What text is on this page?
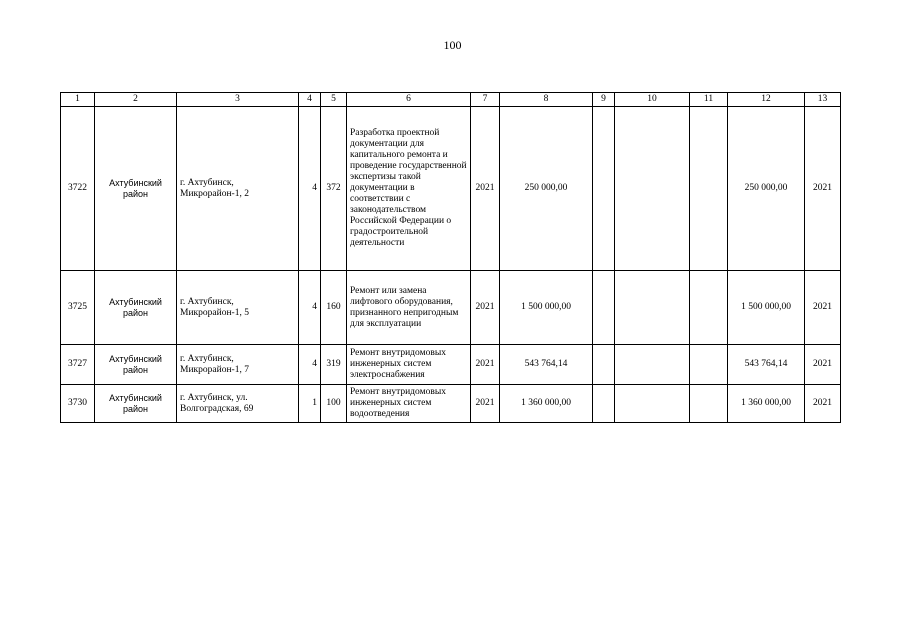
100
1	2	3	4	5	6	7	8	9	10	11	12	13
3722	Ахтубинский район	г. Ахтубинск, Микрорайон-1, 2	4	372	Разработка проектной документации для капитального ремонта и проведение государственной экспертизы такой документации в соответствии с законодательством Российской Федерации о градостроительной деятельности	2021	250 000,00				250 000,00	2021
3725	Ахтубинский район	г. Ахтубинск, Микрорайон-1, 5	4	160	Ремонт или замена лифтового оборудования, признанного непригодным для эксплуатации	2021	1 500 000,00				1 500 000,00	2021
3727	Ахтубинский район	г. Ахтубинск, Микрорайон-1, 7	4	319	Ремонт внутридомовых инженерных систем электроснабжения	2021	543 764,14				543 764,14	2021
3730	Ахтубинский район	г. Ахтубинск, ул. Волгоградская, 69	1	100	Ремонт внутридомовых инженерных систем водоотведения	2021	1 360 000,00				1 360 000,00	2021
